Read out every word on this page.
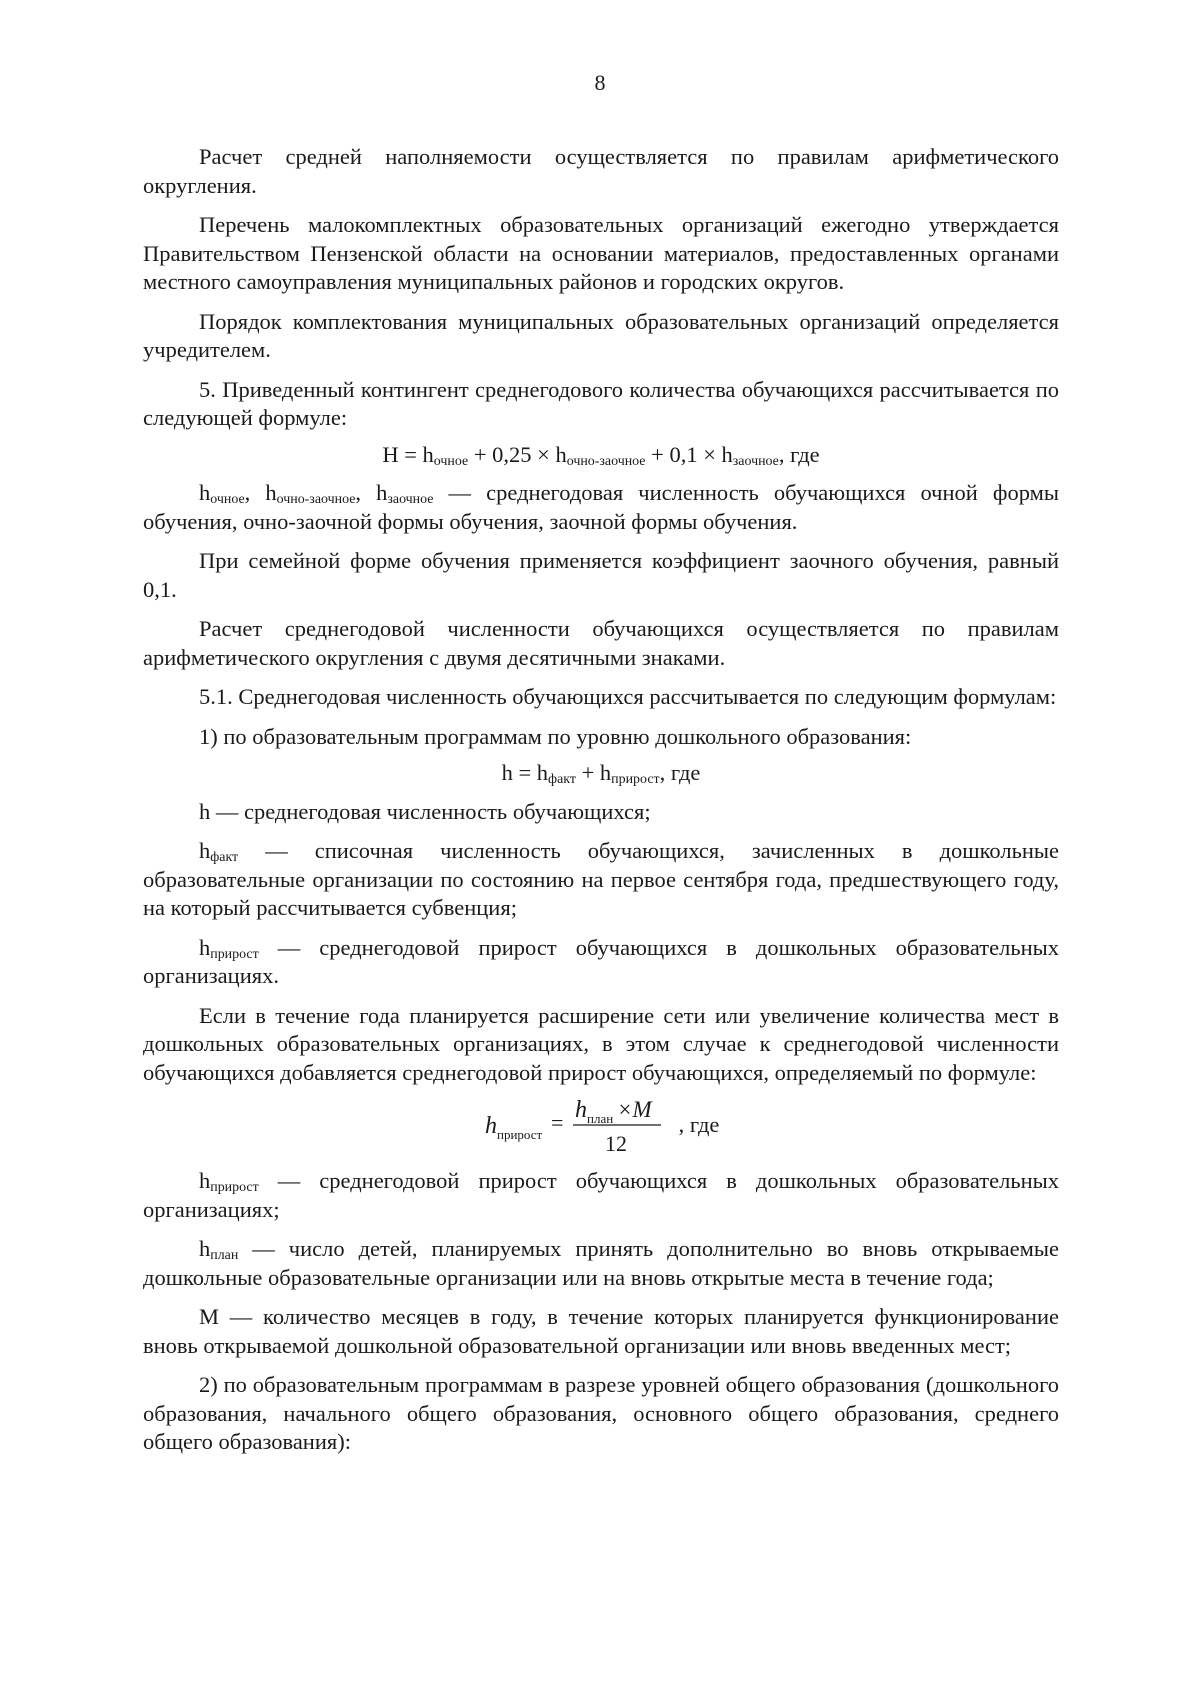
8

Расчет средней наполняемости осуществляется по правилам арифметического округления.

Перечень малокомплектных образовательных организаций ежегодно утверждается Правительством Пензенской области на основании материалов, предоставленных органами местного самоуправления муниципальных районов и городских округов.

Порядок комплектования муниципальных образовательных организаций определяется учредителем.

5. Приведенный контингент среднегодового количества обучающихся рассчитывается по следующей формуле:

$Н = h_{очное} + 0,25 \times h_{очно-заочное} + 0,1 \times h_{заочное}$, где

$h_{очное}$, $h_{очно-заочное}$, $h_{заочное}$ — среднегодовая численность обучающихся очной формы обучения, очно-заочной формы обучения, заочной формы обучения.

При семейной форме обучения применяется коэффициент заочного обучения, равный 0,1.

Расчет среднегодовой численности обучающихся осуществляется по правилам арифметического округления с двумя десятичными знаками.

5.1. Среднегодовая численность обучающихся рассчитывается по следующим формулам:

1) по образовательным программам по уровню дошкольного образования:

$h = h_{факт} + h_{прирост}$, где

h — среднегодовая численность обучающихся;

$h_{факт}$ — списочная численность обучающихся, зачисленных в дошкольные образовательные организации по состоянию на первое сентября года, предшествующего году, на который рассчитывается субвенция;

$h_{прирост}$ — среднегодовой прирост обучающихся в дошкольных образовательных организациях.

Если в течение года планируется расширение сети или увеличение количества мест в дошкольных образовательных организациях, в этом случае к среднегодовой численности обучающихся добавляется среднегодовой прирост обучающихся, определяемый по формуле:

h прирост = h план ×M
12
, где

$h_{прирост}$ — среднегодовой прирост обучающихся в дошкольных образовательных организациях;

$h_{план}$ — число детей, планируемых принять дополнительно во вновь открываемые дошкольные образовательные организации или на вновь открытые места в течение года;

М — количество месяцев в году, в течение которых планируется функционирование вновь открываемой дошкольной образовательной организации или вновь введенных мест;

2) по образовательным программам в разрезе уровней общего образования (дошкольного образования, начального общего образования, основного общего образования, среднего общего образования):
